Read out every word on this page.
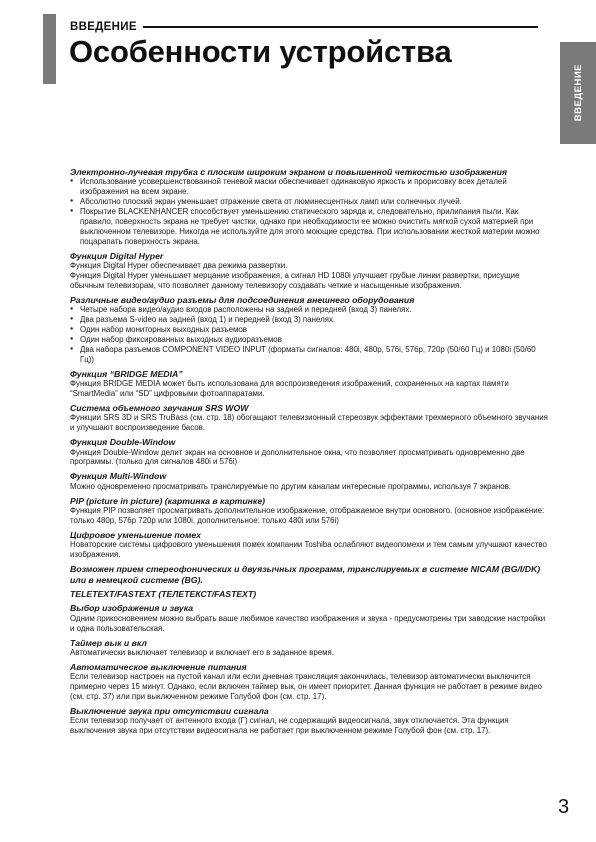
ВВЕДЕНИЕ
Особенности устройства
ВВЕДЕНИЕ
Электронно-лучевая трубка с плоским широким экраном и повышенной четкостью изображения
● Использование усовершенствованной теневой маски обеспечивает одинаковую яркость и прорисовку всех деталей изображения на всем экране.
● Абсолютно плоский экран уменьшает отражение света от люминесцентных ламп или солнечных лучей.
● Покрытие BLACKENHANCER способствует уменьшению статического заряда и, следовательно, прилипания пыли. Как правило, поверхность экрана не требует чистки, однако при необходимости ее можно очистить мягкой сухой материей при выключенном телевизоре. Никогда не используйте для этого моющие средства. При использовании жесткой материи можно поцарапать поверхность экрана.
Функция Digital Hyper
Функция Digital Hyper обеспечивает два режима развертки.
Функция Digital Hyper уменьшает мерцание изображения, а сигнал HD 1080i улучшает грубые линии развертки, присущие обычным телевизорам, что позволяет данному телевизору создавать четкие и насыщенные изображения.
Различные видео/аудио разъемы для подсоединения внешнего оборудования
● Четыре набора видео/аудио входов расположены на задней и передней (вход 3) панелях.
● Два разъема S-video на задней (вход 1) и передней (вход 3) панелях.
● Один набор мониторных выходных разъемов
● Один набор фиксированных выходных аудиоразъемов
● Два набора разъемов COMPONENT VIDEO INPUT (форматы сигналов: 480i, 480p, 576i, 576p, 720p (50/60 Гц) и 1080i (50/60 Гц))
Функция “BRIDGE MEDIA”
Функция BRIDGE MEDIA может быть использована для воспроизведения изображений, сохраненных на картах памяти “SmartMedia” или “SD” цифровыми фотоаппаратами.
Система объемного звучания SRS WOW
Функции SRS 3D и SRS TruBass (см. стр. 18) обогащают телевизионный стереозвук эффектами трехмерного объемного звучания и улучшают воспроизведение басов.
Функция Double-Window
Функция Double-Window делит экран на основное и дополнительное окна, что позволяет просматривать одновременно две программы. (только для сигналов 480i и 576i)
Функция Multi-Window
Можно одновременно просматривать транслируемые по другим каналам интересные программы, используя 7 экранов.
PIP (picture in picture) (картинка в картинке)
Функция PIP позволяет просматривать дополнительное изображение, отображаемое внутри основного. (основное изображение: только 480p, 576p 720p или 1080i, дополнительное: только 480i или 576i)
Цифровое уменьшение помех
Новаторские системы цифрового уменьшения помех компании Toshiba ослабляют видеопомехи и тем самым улучшают качество изображения.
Возможен прием стереофонических и двуязычных программ, транслируемых в системе NICAM (BG/I/DK) или в немецкой системе (BG).
TELETEXT/FASTEXT (ТЕЛЕТЕКСТ/FASTEXT)
Выбор изображения и звука
Одним прикосновением можно выбрать ваше любимое качество изображения и звука - предусмотрены три заводские настройки и одна пользовательская.
Таймер вык и вкл
Автоматически выключает телевизор и включает его в заданное время.
Автоматическое выключение питания
Если телевизор настроен на пустой канал или если дневная трансляция закончилась, телевизор автоматически выключится примерно через 15 минут. Однако, если включен таймер вык, он имеет приоритет. Данная функция не работает в режиме видео (см. стр. 37) или при выключенном режиме Голубой фон (см. стр. 17).
Выключение звука при отсутствии сигнала
Если телевизор получает от антенного входа (Г) сигнал, не содержащий видеосигнала, звук отключается. Эта функция выключения звука при отсутствии видеосигнала не работает при выключенном режиме Голубой фон (см. стр. 17).
3
